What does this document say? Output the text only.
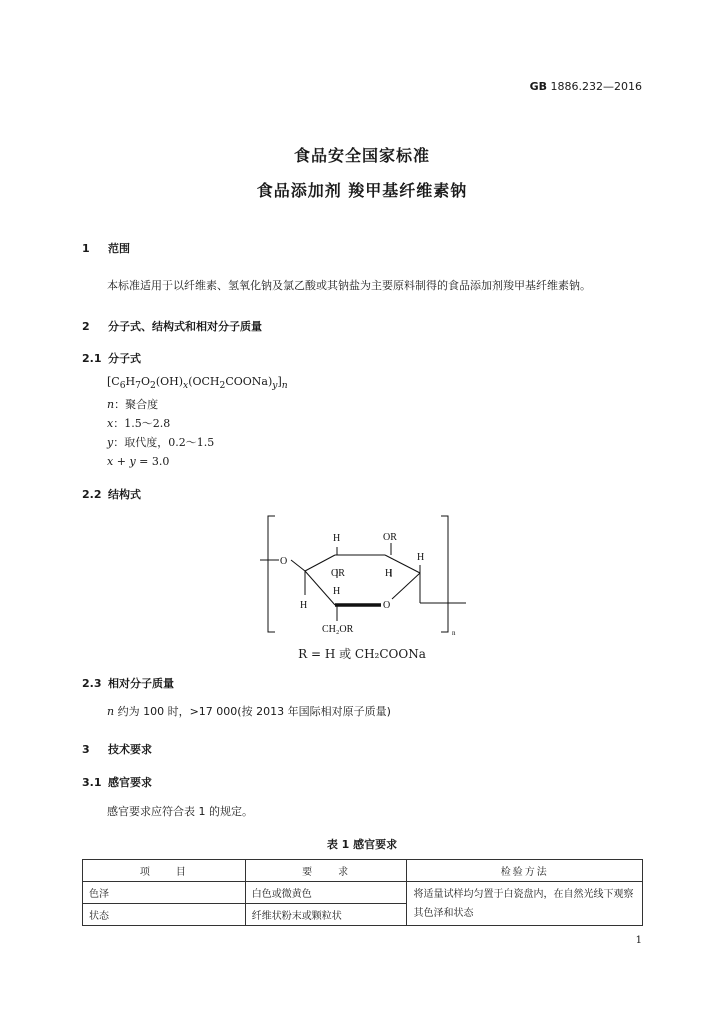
GB 1886.232—2016
食品安全国家标准
食品添加剂 羧甲基纤维素钠
1 范围
本标准适用于以纤维素、氢氧化钠及氯乙酸或其钠盐为主要原料制得的食品添加剂羧甲基纤维素钠。
2 分子式、结构式和相对分子质量
2.1 分子式
$[C_6H_7O_2(OH)_x(OCH_2COONa)_y]_n$
n：聚合度
x：1.5～2.8
y：取代度，0.2～1.5
x + y = 3.0
2.2 结构式
H	OR
H
O
OR	H
H
H	O
CH₂OR	n
R = H 或 CH₂COONa
2.3 相对分子质量
n 约为 100 时，>17 000(按 2013 年国际相对原子质量)
3 技术要求
3.1 感官要求
感官要求应符合表 1 的规定。
表 1 感官要求
项　　目	要　　求	检验方法
色泽	白色或微黄色	将适量试样均匀置于白瓷盘内，在自然光线下观察其色泽和状态
状态	纤维状粉末或颗粒状	
1
